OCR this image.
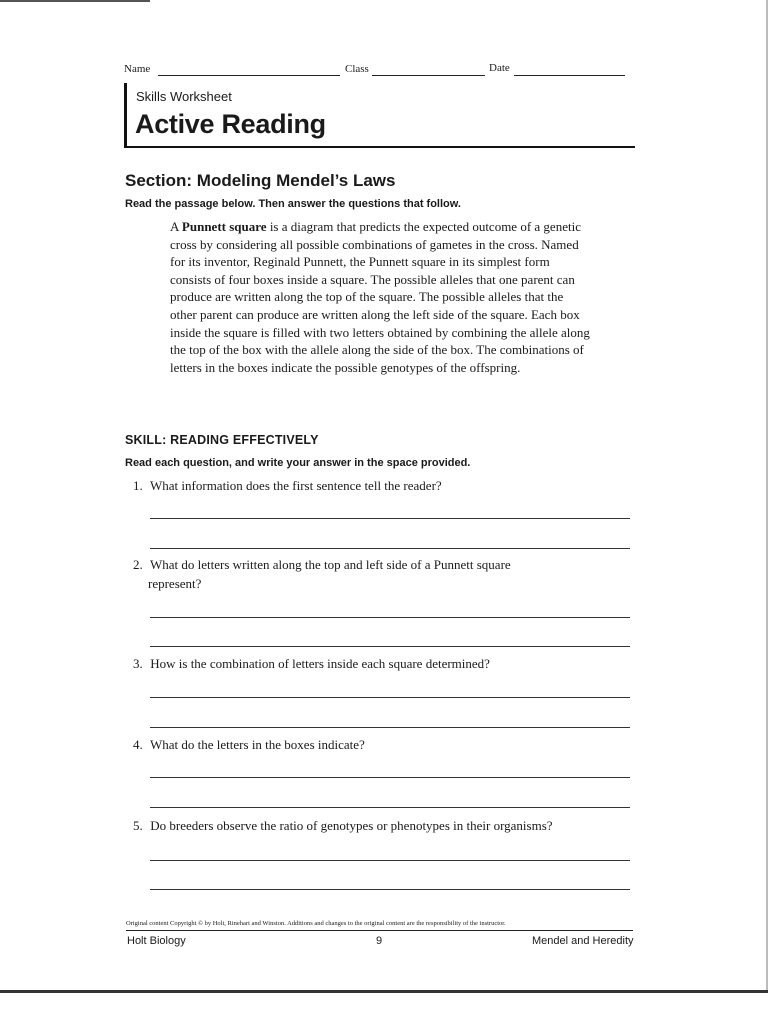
Name	Class	Date
Skills Worksheet
Active Reading
Section: Modeling Mendel’s Laws
Read the passage below. Then answer the questions that follow.

A Punnett square is a diagram that predicts the expected outcome of a genetic cross by considering all possible combinations of gametes in the cross. Named for its inventor, Reginald Punnett, the Punnett square in its simplest form consists of four boxes inside a square. The possible alleles that one parent can produce are written along the top of the square. The possible alleles that the other parent can produce are written along the left side of the square. Each box inside the square is filled with two letters obtained by combining the allele along the top of the box with the allele along the side of the box. The combinations of letters in the boxes indicate the possible genotypes of the offspring.

SKILL: READING EFFECTIVELY
Read each question, and write your answer in the space provided.
1. What information does the first sentence tell the reader?
2. What do letters written along the top and left side of a Punnett square
represent?
3. How is the combination of letters inside each square determined?
4. What do the letters in the boxes indicate?
5. Do breeders observe the ratio of genotypes or phenotypes in their organisms?
Original content Copyright © by Holt, Rinehart and Winston. Additions and changes to the original content are the responsibility of the instructor.
Holt Biology	9	Mendel and Heredity
